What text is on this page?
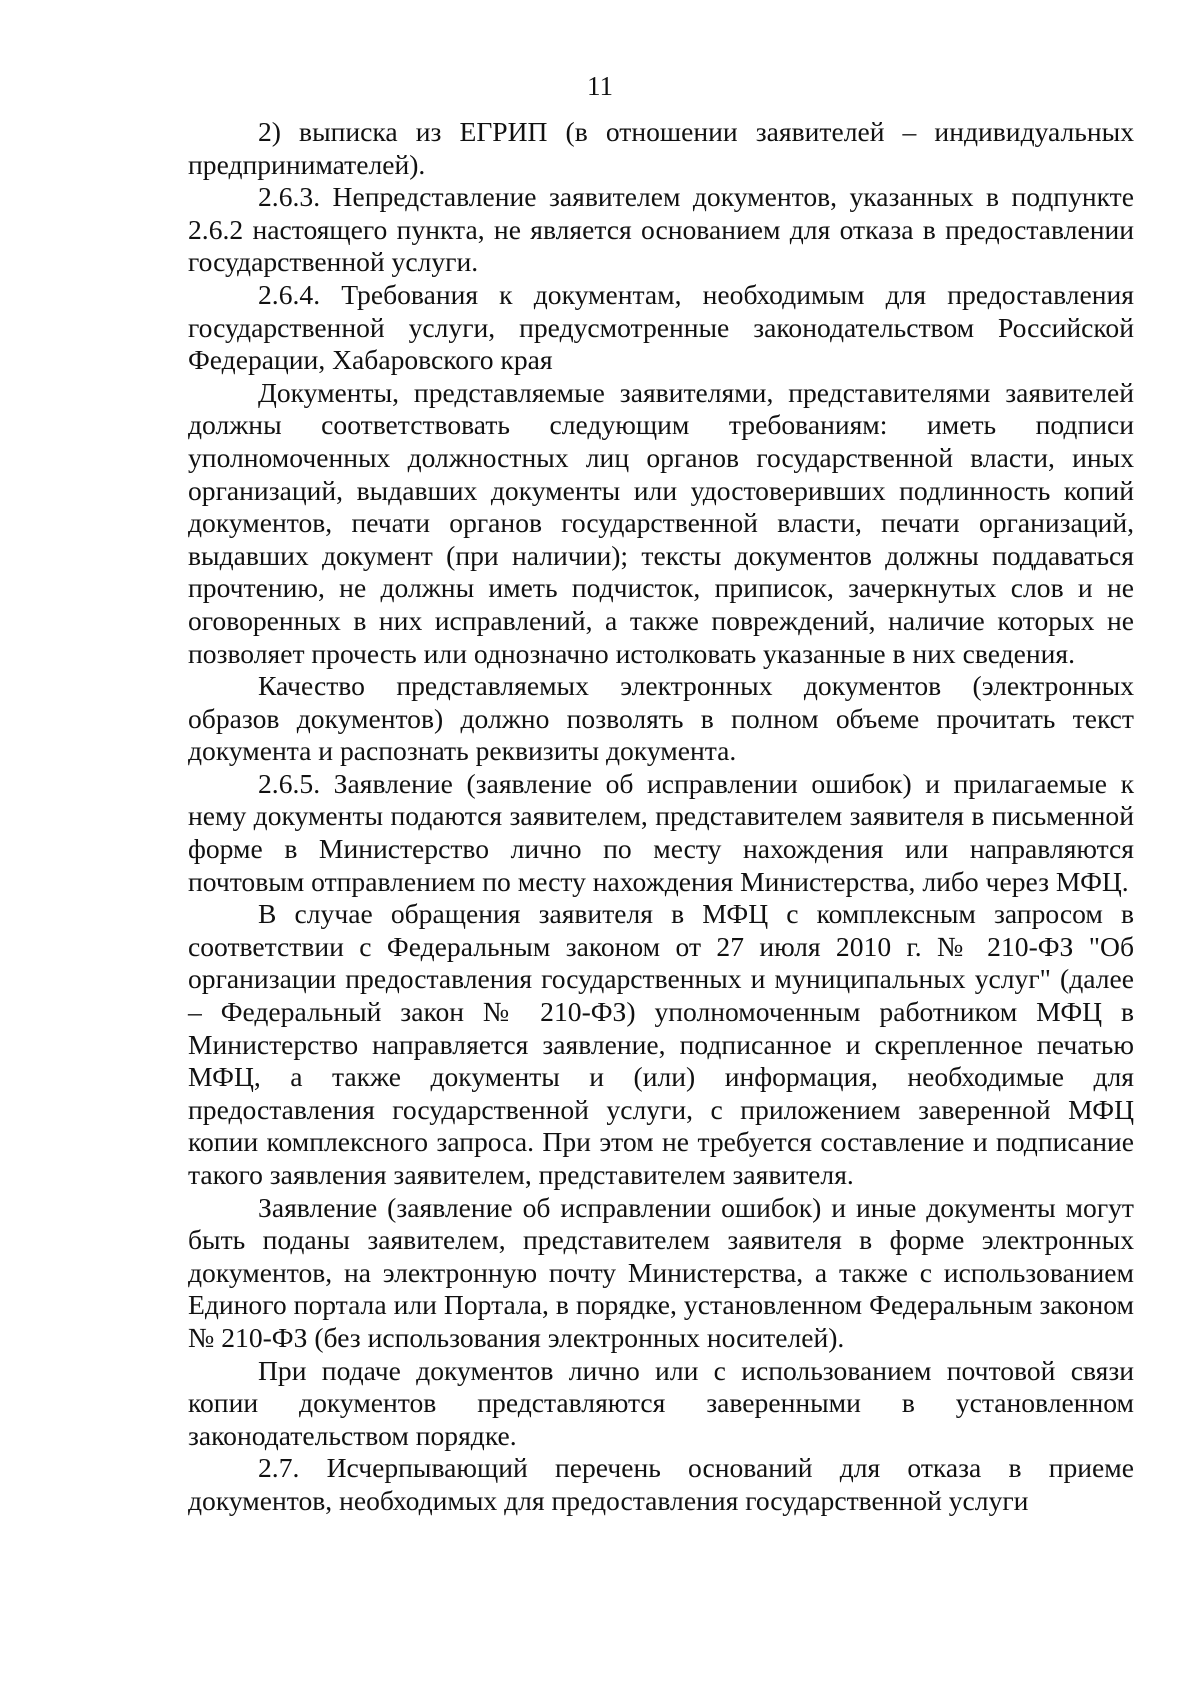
11

2) выписка из ЕГРИП (в отношении заявителей – индивидуальных предпринимателей).

2.6.3. Непредставление заявителем документов, указанных в подпункте 2.6.2 настоящего пункта, не является основанием для отказа в предоставлении государственной услуги.

2.6.4. Требования к документам, необходимым для предоставления государственной услуги, предусмотренные законодательством Российской Федерации, Хабаровского края

Документы, представляемые заявителями, представителями заявителей должны соответствовать следующим требованиям: иметь подписи уполномоченных должностных лиц органов государственной власти, иных организаций, выдавших документы или удостоверивших подлинность копий документов, печати органов государственной власти, печати организаций, выдавших документ (при наличии); тексты документов должны поддаваться прочтению, не должны иметь подчисток, приписок, зачеркнутых слов и не оговоренных в них исправлений, а также повреждений, наличие которых не позволяет прочесть или однозначно истолковать указанные в них сведения.

Качество представляемых электронных документов (электронных образов документов) должно позволять в полном объеме прочитать текст документа и распознать реквизиты документа.

2.6.5. Заявление (заявление об исправлении ошибок) и прилагаемые к нему документы подаются заявителем, представителем заявителя в письменной форме в Министерство лично по месту нахождения или направляются почтовым отправлением по месту нахождения Министерства, либо через МФЦ.

В случае обращения заявителя в МФЦ с комплексным запросом в соответствии с Федеральным законом от 27 июля 2010 г. № 210-ФЗ "Об организации предоставления государственных и муниципальных услуг" (далее – Федеральный закон № 210-ФЗ) уполномоченным работником МФЦ в Министерство направляется заявление, подписанное и скрепленное печатью МФЦ, а также документы и (или) информация, необходимые для предоставления государственной услуги, с приложением заверенной МФЦ копии комплексного запроса. При этом не требуется составление и подписание такого заявления заявителем, представителем заявителя.

Заявление (заявление об исправлении ошибок) и иные документы могут быть поданы заявителем, представителем заявителя в форме электронных документов, на электронную почту Министерства, а также с использованием Единого портала или Портала, в порядке, установленном Федеральным законом № 210-ФЗ (без использования электронных носителей).

При подаче документов лично или с использованием почтовой связи копии документов представляются заверенными в установленном законодательством порядке.

2.7. Исчерпывающий перечень оснований для отказа в приеме документов, необходимых для предоставления государственной услуги
